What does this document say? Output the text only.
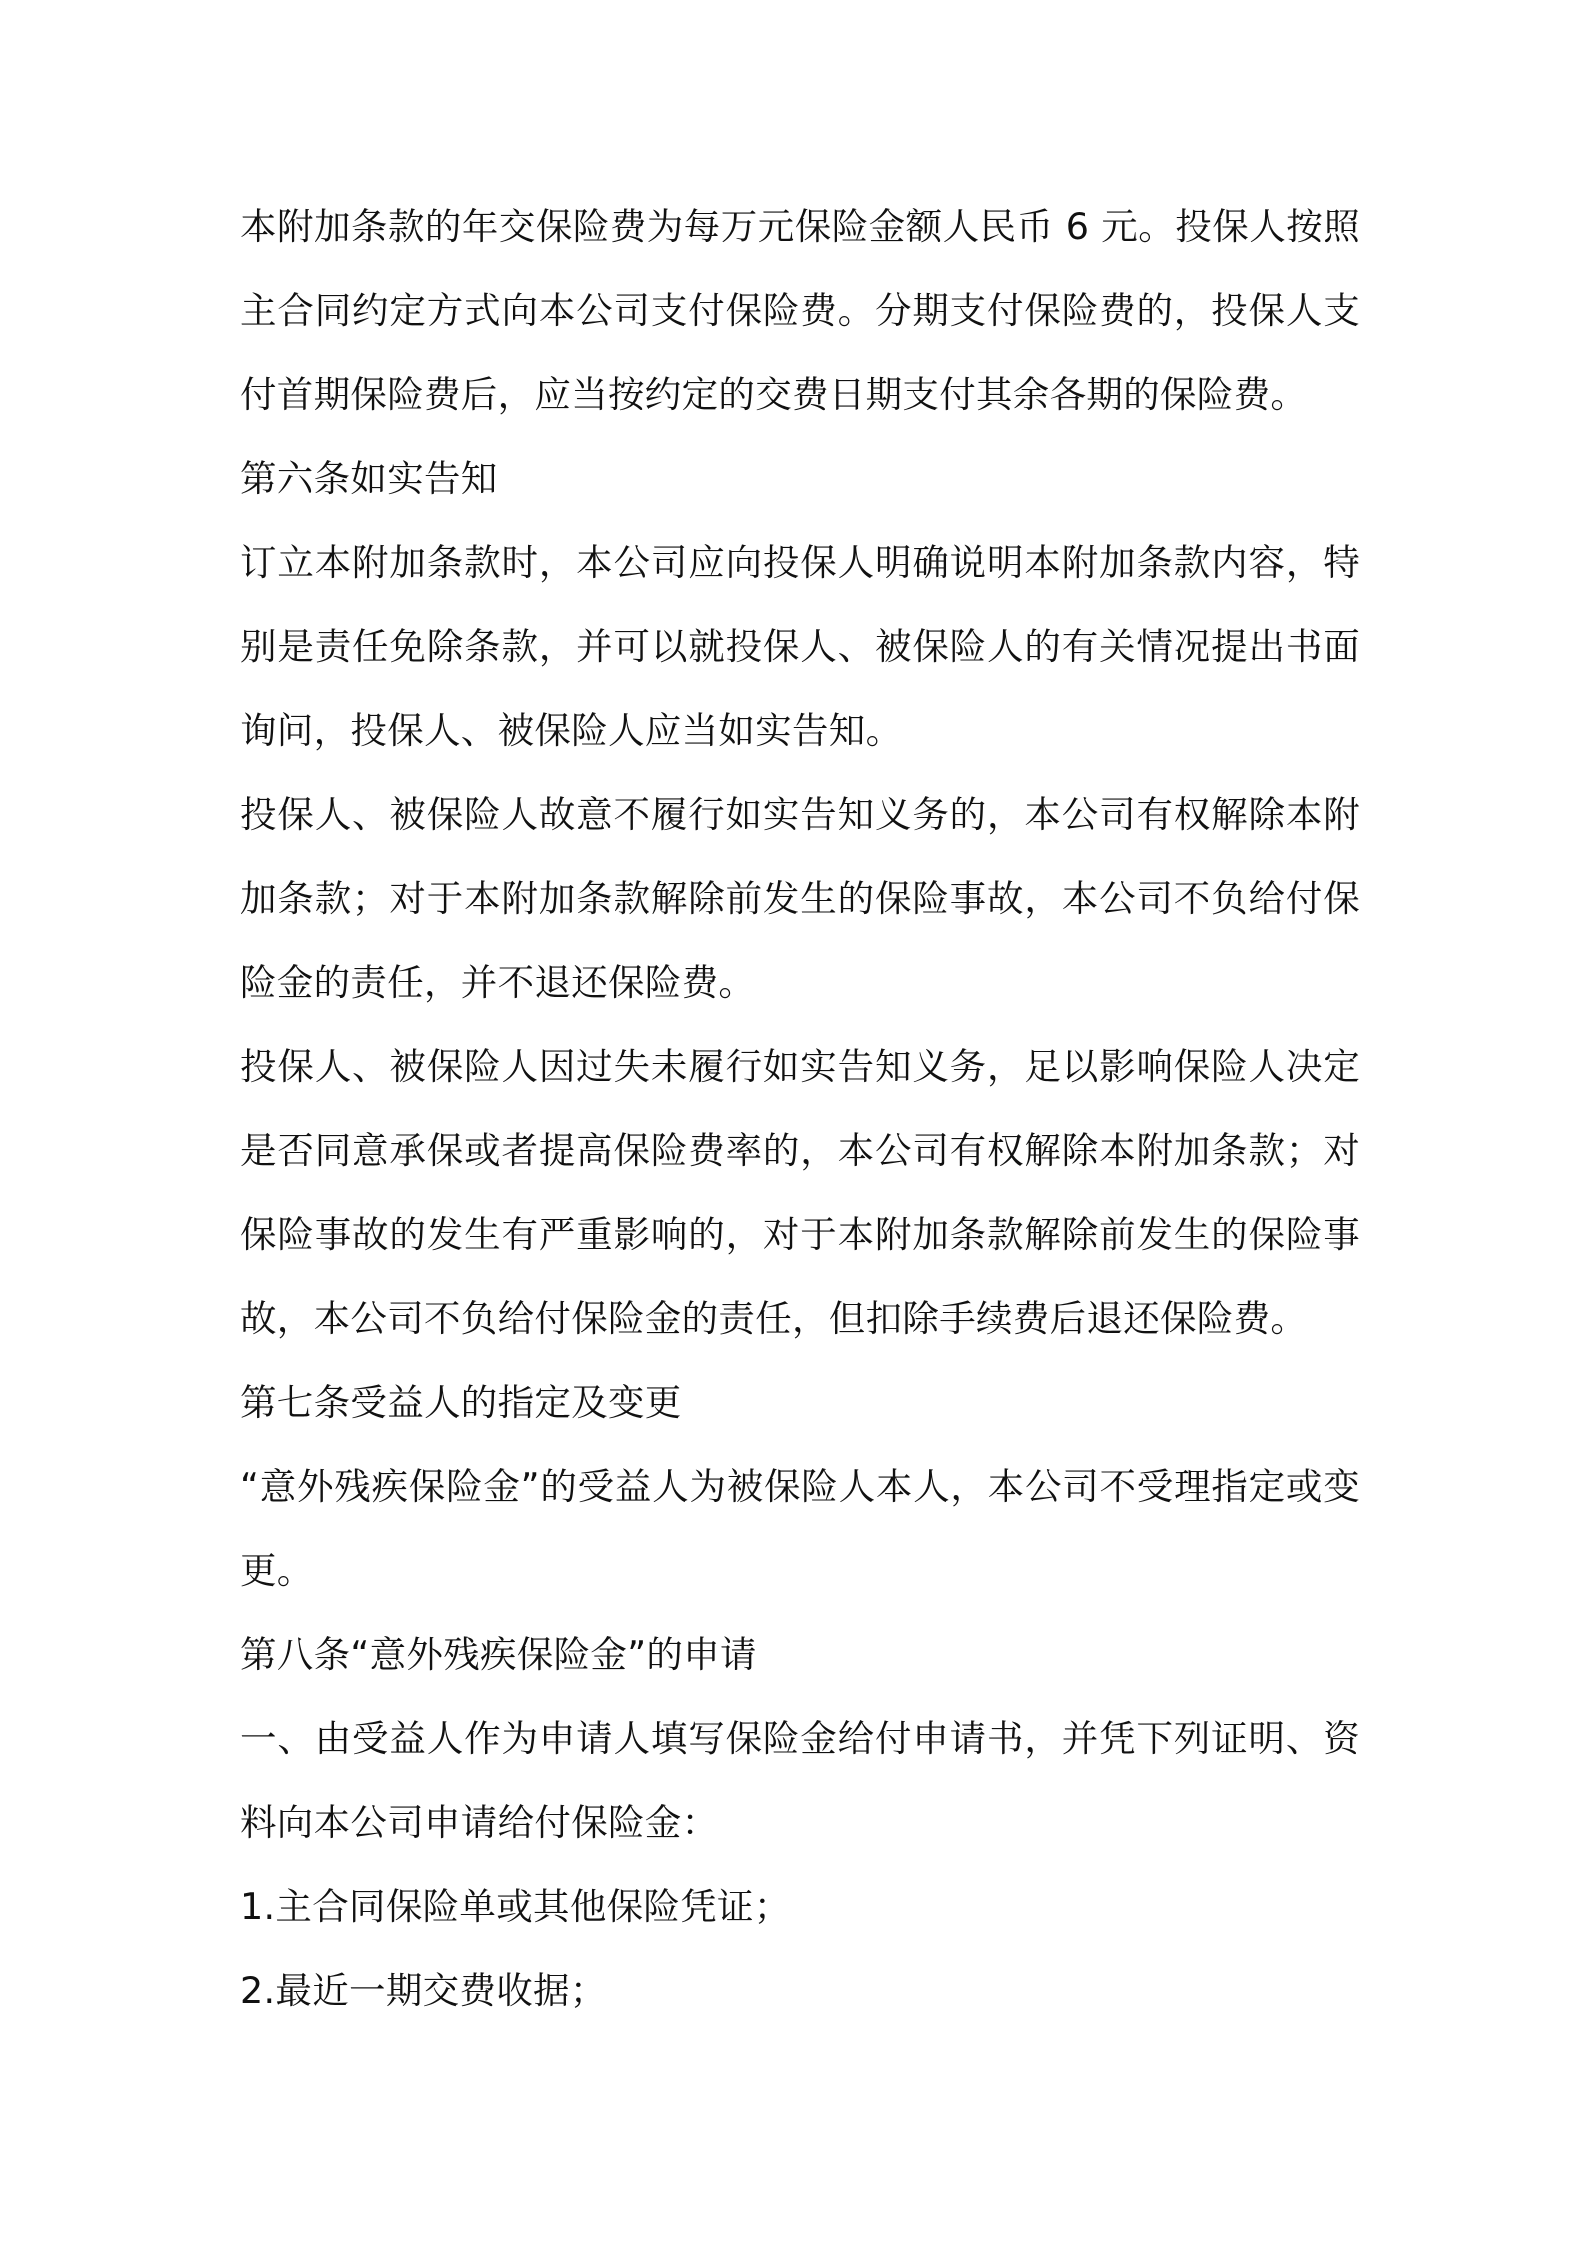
本附加条款的年交保险费为每万元保险金额人民币 6 元。投保人按照主合同约定方式向本公司支付保险费。分期支付保险费的，投保人支付首期保险费后，应当按约定的交费日期支付其余各期的保险费。

第六条如实告知

订立本附加条款时，本公司应向投保人明确说明本附加条款内容，特别是责任免除条款，并可以就投保人、被保险人的有关情况提出书面询问，投保人、被保险人应当如实告知。

投保人、被保险人故意不履行如实告知义务的，本公司有权解除本附加条款；对于本附加条款解除前发生的保险事故，本公司不负给付保险金的责任，并不退还保险费。

投保人、被保险人因过失未履行如实告知义务，足以影响保险人决定是否同意承保或者提高保险费率的，本公司有权解除本附加条款；对保险事故的发生有严重影响的，对于本附加条款解除前发生的保险事故，本公司不负给付保险金的责任，但扣除手续费后退还保险费。

第七条受益人的指定及变更

“意外残疾保险金”的受益人为被保险人本人，本公司不受理指定或变更。

第八条“意外残疾保险金”的申请

一、由受益人作为申请人填写保险金给付申请书，并凭下列证明、资料向本公司申请给付保险金：

1.主合同保险单或其他保险凭证；

2.最近一期交费收据；
